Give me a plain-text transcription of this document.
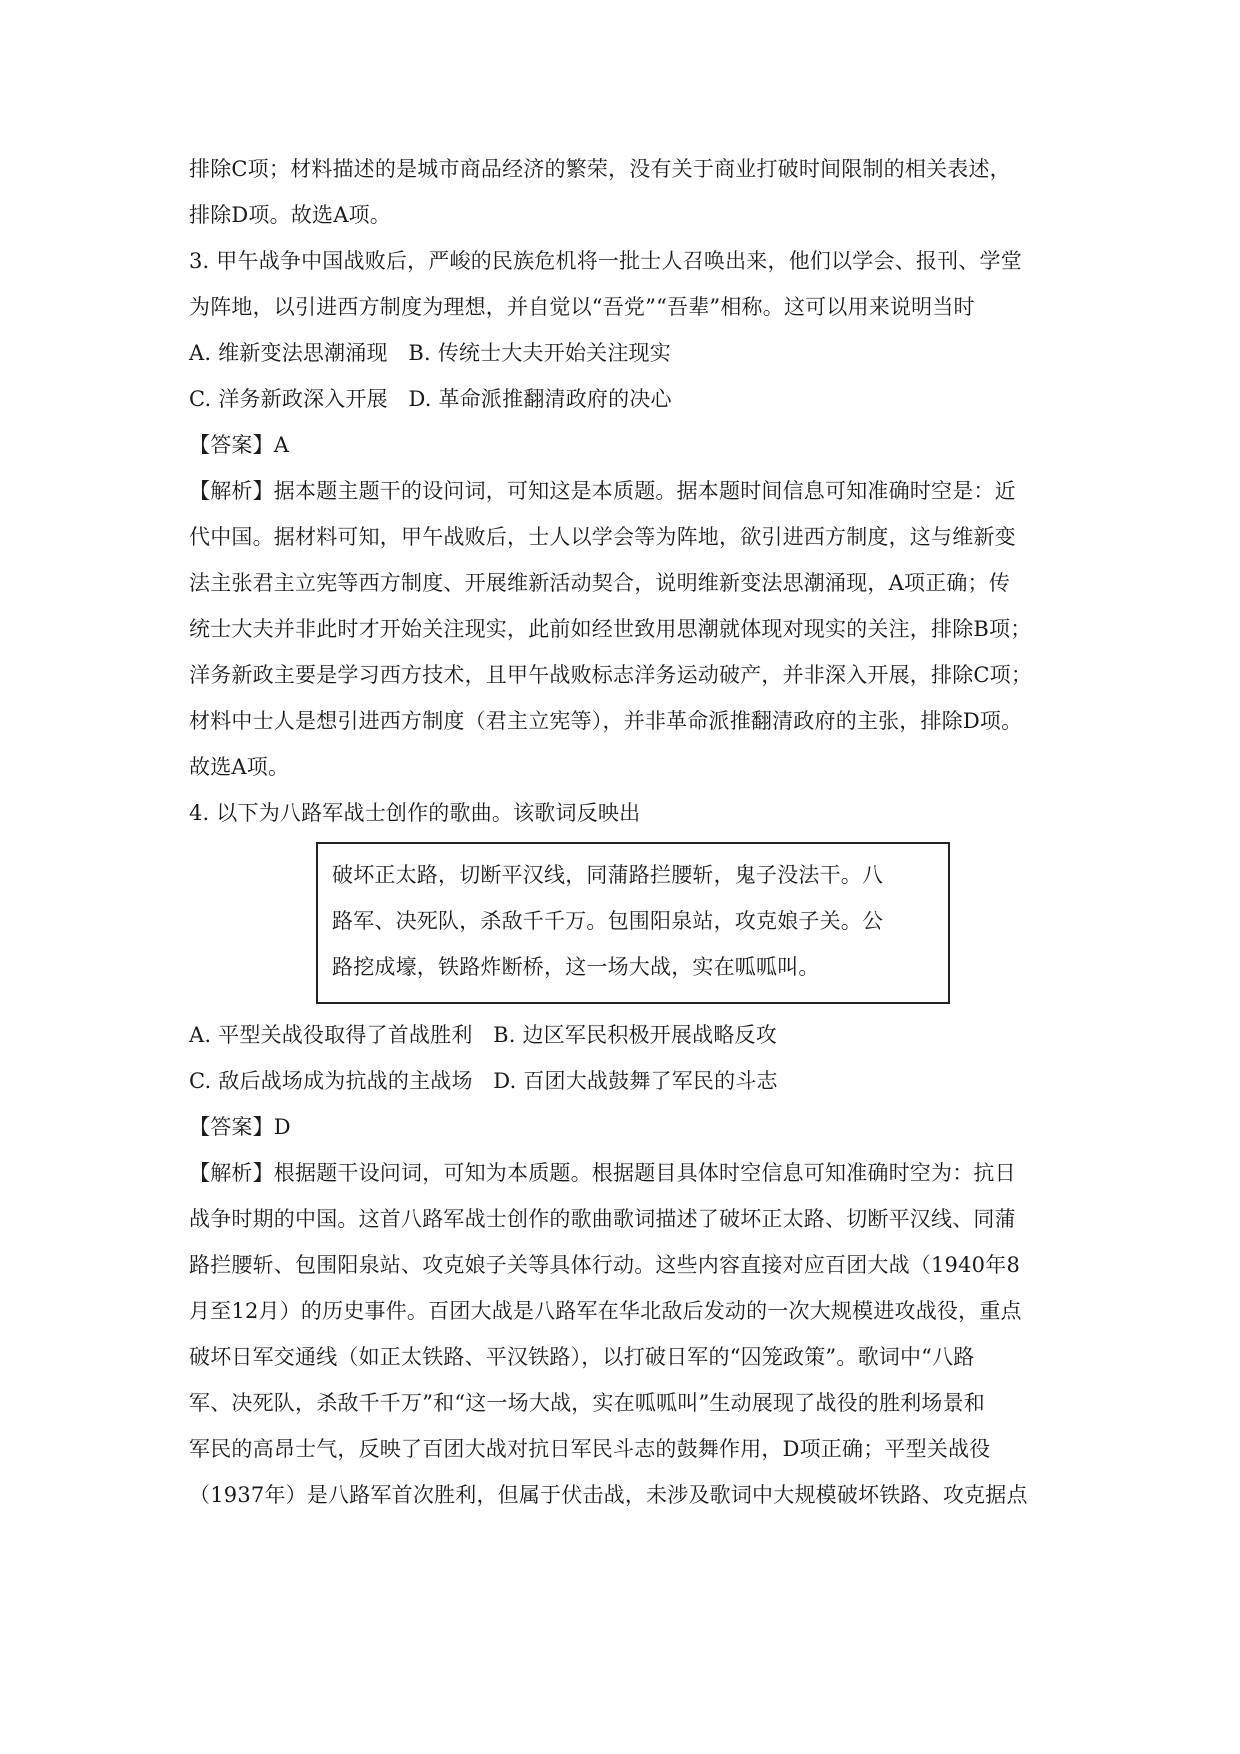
排除C项；材料描述的是城市商品经济的繁荣，没有关于商业打破时间限制的相关表述，
排除D项。故选A项。
3. 甲午战争中国战败后，严峻的民族危机将一批士人召唤出来，他们以学会、报刊、学堂
为阵地，以引进西方制度为理想，并自觉以“吾党”“吾辈”相称。这可以用来说明当时
A. 维新变法思潮涌现   B. 传统士大夫开始关注现实
C. 洋务新政深入开展   D. 革命派推翻清政府的决心
【答案】A
【解析】据本题主题干的设问词，可知这是本质题。据本题时间信息可知准确时空是：近
代中国。据材料可知，甲午战败后，士人以学会等为阵地，欲引进西方制度，这与维新变
法主张君主立宪等西方制度、开展维新活动契合，说明维新变法思潮涌现，A项正确；传
统士大夫并非此时才开始关注现实，此前如经世致用思潮就体现对现实的关注，排除B项；
洋务新政主要是学习西方技术，且甲午战败标志洋务运动破产，并非深入开展，排除C项；
材料中士人是想引进西方制度（君主立宪等），并非革命派推翻清政府的主张，排除D项。
故选A项。
4. 以下为八路军战士创作的歌曲。该歌词反映出
破坏正太路，切断平汉线，同蒲路拦腰斩，鬼子没法干。八
路军、决死队，杀敌千千万。包围阳泉站，攻克娘子关。公
路挖成壕，铁路炸断桥，这一场大战，实在呱呱叫。
A. 平型关战役取得了首战胜利   B. 边区军民积极开展战略反攻
C. 敌后战场成为抗战的主战场   D. 百团大战鼓舞了军民的斗志
【答案】D
【解析】根据题干设问词，可知为本质题。根据题目具体时空信息可知准确时空为：抗日
战争时期的中国。这首八路军战士创作的歌曲歌词描述了破坏正太路、切断平汉线、同蒲
路拦腰斩、包围阳泉站、攻克娘子关等具体行动。这些内容直接对应百团大战（1940年8
月至12月）的历史事件。百团大战是八路军在华北敌后发动的一次大规模进攻战役，重点
破坏日军交通线（如正太铁路、平汉铁路），以打破日军的“囚笼政策”。歌词中“八路
军、决死队，杀敌千千万”和“这一场大战，实在呱呱叫”生动展现了战役的胜利场景和
军民的高昂士气，反映了百团大战对抗日军民斗志的鼓舞作用，D项正确；平型关战役
（1937年）是八路军首次胜利，但属于伏击战，未涉及歌词中大规模破坏铁路、攻克据点
